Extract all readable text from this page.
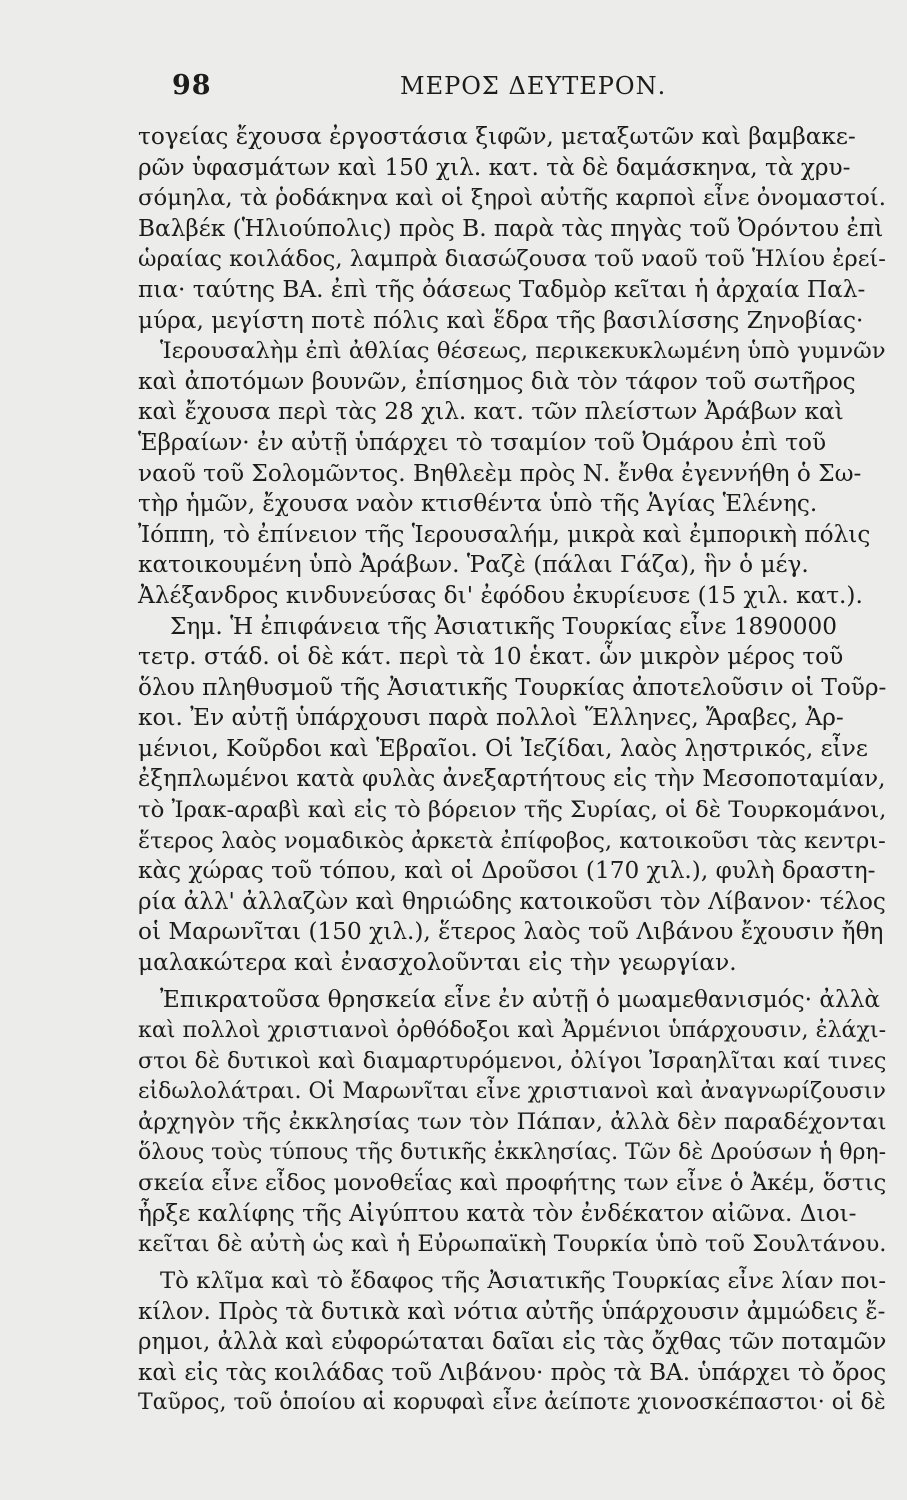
98	ΜΕΡΟΣ ΔΕΥΤΕΡΟΝ.
τογείας ἔχουσα ἐργοστάσια ξιφῶν, μεταξωτῶν καὶ βαμβακε-
ρῶν ὑφασμάτων καὶ 150 χιλ. κατ. τὰ δὲ δαμάσκηνα, τὰ χρυ-
σόμηλα, τὰ ῥοδάκηνα καὶ οἱ ξηροὶ αὐτῆς καρποὶ εἶνε ὀνομαστοί.
Βαλβέκ (Ἡλιούπολις) πρὸς Β. παρὰ τὰς πηγὰς τοῦ Ὀρόντου ἐπὶ
ὡραίας κοιλάδος, λαμπρὰ διασώζουσα τοῦ ναοῦ τοῦ Ἡλίου ἐρεί-
πια· ταύτης ΒΑ. ἐπὶ τῆς ὀάσεως Ταδμὸρ κεῖται ἡ ἀρχαία Παλ-
μύρα, μεγίστη ποτὲ πόλις καὶ ἕδρα τῆς βασιλίσσης Ζηνοβίας·
Ἱερουσαλὴμ ἐπὶ ἀθλίας θέσεως, περικεκυκλωμένη ὑπὸ γυμνῶν
καὶ ἀποτόμων βουνῶν, ἐπίσημος διὰ τὸν τάφον τοῦ σωτῆρος
καὶ ἔχουσα περὶ τὰς 28 χιλ. κατ. τῶν πλείστων Ἀράβων καὶ
Ἑβραίων· ἐν αὐτῇ ὑπάρχει τὸ τσαμίον τοῦ Ὀμάρου ἐπὶ τοῦ
ναοῦ τοῦ Σολομῶντος. Βηθλεὲμ πρὸς Ν. ἔνθα ἐγεννήθη ὁ Σω-
τὴρ ἡμῶν, ἔχουσα ναὸν κτισθέντα ὑπὸ τῆς Ἁγίας Ἑλένης.
Ἰόππη, τὸ ἐπίνειον τῆς Ἱερουσαλήμ, μικρὰ καὶ ἐμπορικὴ πόλις
κατοικουμένη ὑπὸ Ἀράβων. Ῥαζὲ (πάλαι Γάζα), ἣν ὁ μέγ.
Ἀλέξανδρος κινδυνεύσας δι' ἐφόδου ἐκυρίευσε (15 χιλ. κατ.).
Σημ. Ἡ ἐπιφάνεια τῆς Ἀσιατικῆς Τουρκίας εἶνε 1890000
τετρ. στάδ. οἱ δὲ κάτ. περὶ τὰ 10 ἑκατ. ὧν μικρὸν μέρος τοῦ
ὅλου πληθυσμοῦ τῆς Ἀσιατικῆς Τουρκίας ἀποτελοῦσιν οἱ Τοῦρ-
κοι. Ἐν αὐτῇ ὑπάρχουσι παρὰ πολλοὶ Ἕλληνες, Ἄραβες, Ἀρ-
μένιοι, Κοῦρδοι καὶ Ἑβραῖοι. Οἱ Ἰεζίδαι, λαὸς λῃστρικός, εἶνε
ἐξηπλωμένοι κατὰ φυλὰς ἀνεξαρτήτους εἰς τὴν Μεσοποταμίαν,
τὸ Ἰρακ-αραβὶ καὶ εἰς τὸ βόρειον τῆς Συρίας, οἱ δὲ Τουρκομάνοι,
ἕτερος λαὸς νομαδικὸς ἀρκετὰ ἐπίφοβος, κατοικοῦσι τὰς κεντρι-
κὰς χώρας τοῦ τόπου, καὶ οἱ Δροῦσοι (170 χιλ.), φυλὴ δραστη-
ρία ἀλλ' ἀλλαζὼν καὶ θηριώδης κατοικοῦσι τὸν Λίβανον· τέλος
οἱ Μαρωνῖται (150 χιλ.), ἕτερος λαὸς τοῦ Λιβάνου ἔχουσιν ἤθη
μαλακώτερα καὶ ἐνασχολοῦνται εἰς τὴν γεωργίαν.
Ἐπικρατοῦσα θρησκεία εἶνε ἐν αὐτῇ ὁ μωαμεθανισμός· ἀλλὰ
καὶ πολλοὶ χριστιανοὶ ὀρθόδοξοι καὶ Ἀρμένιοι ὑπάρχουσιν, ἐλάχι-
στοι δὲ δυτικοὶ καὶ διαμαρτυρόμενοι, ὀλίγοι Ἰσραηλῖται καί τινες
εἰδωλολάτραι. Οἱ Μαρωνῖται εἶνε χριστιανοὶ καὶ ἀναγνωρίζουσιν
ἀρχηγὸν τῆς ἐκκλησίας των τὸν Πάπαν, ἀλλὰ δὲν παραδέχονται
ὅλους τοὺς τύπους τῆς δυτικῆς ἐκκλησίας. Τῶν δὲ Δρούσων ἡ θρη-
σκεία εἶνε εἶδος μονοθεΐας καὶ προφήτης των εἶνε ὁ Ἀκέμ, ὅστις
ἦρξε καλίφης τῆς Αἰγύπτου κατὰ τὸν ἐνδέκατον αἰῶνα. Διοι-
κεῖται δὲ αὐτὴ ὡς καὶ ἡ Εὐρωπαϊκὴ Τουρκία ὑπὸ τοῦ Σουλτάνου.
Τὸ κλῖμα καὶ τὸ ἔδαφος τῆς Ἀσιατικῆς Τουρκίας εἶνε λίαν ποι-
κίλον. Πρὸς τὰ δυτικὰ καὶ νότια αὐτῆς ὑπάρχουσιν ἀμμώδεις ἔ-
ρημοι, ἀλλὰ καὶ εὐφορώταται δαῖαι εἰς τὰς ὄχθας τῶν ποταμῶν
καὶ εἰς τὰς κοιλάδας τοῦ Λιβάνου· πρὸς τὰ ΒΑ. ὑπάρχει τὸ ὄρος
Ταῦρος, τοῦ ὁποίου αἱ κορυφαὶ εἶνε ἀείποτε χιονοσκέπαστοι· οἱ δὲ
